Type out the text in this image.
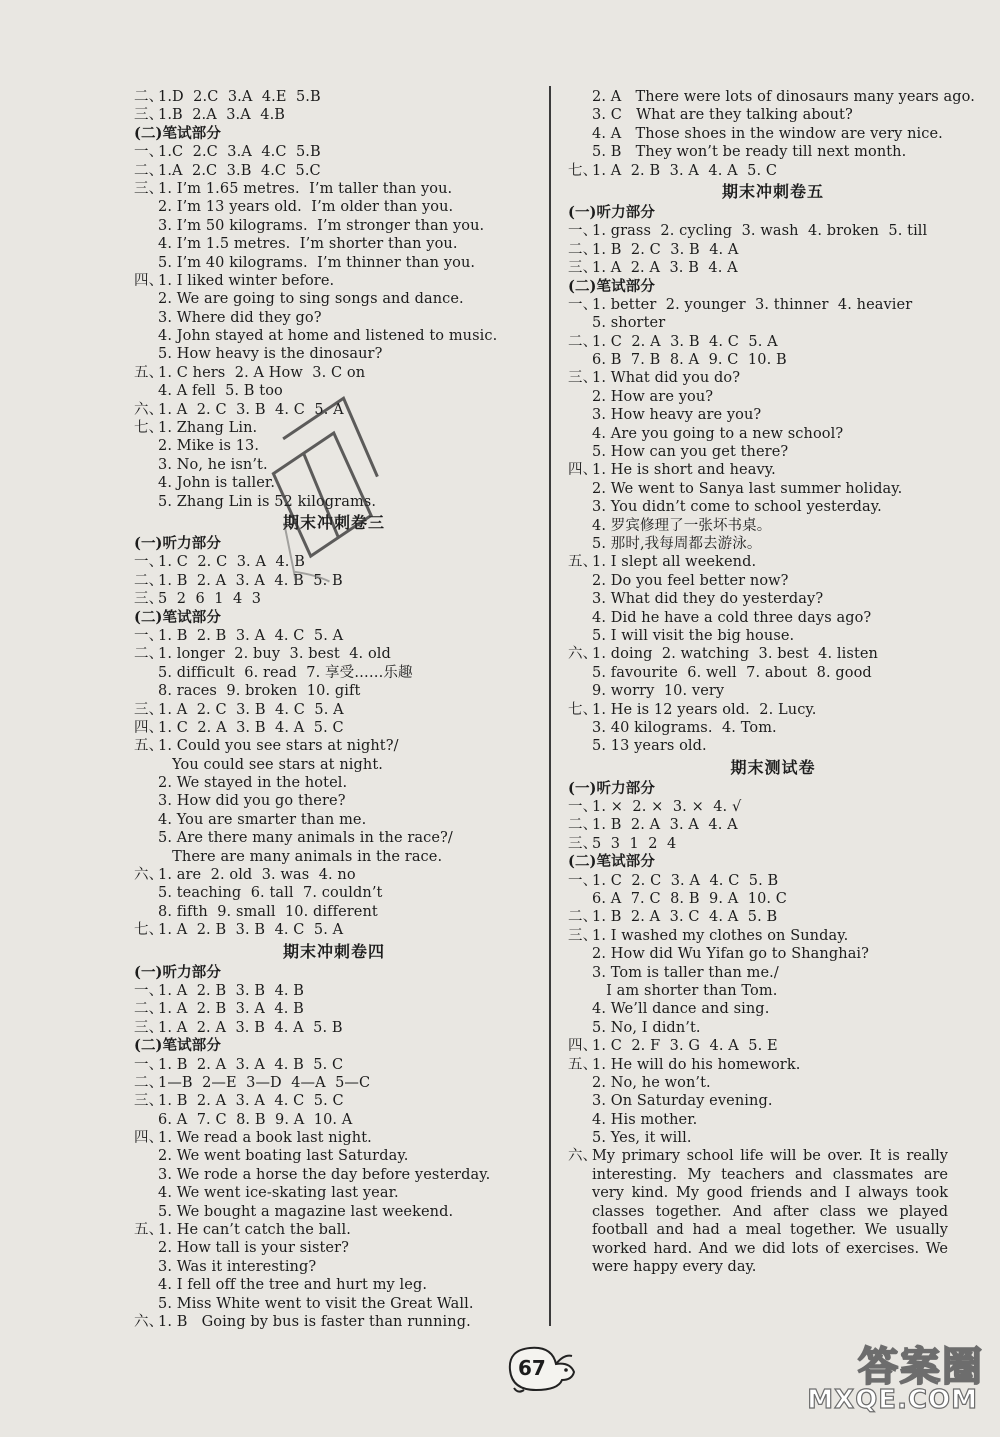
二、
1.D  2.C  3.A  4.E  5.B
三、
1.B  2.A  3.A  4.B
(二)笔试部分
一、
1.C  2.C  3.A  4.C  5.B
二、
1.A  2.C  3.B  4.C  5.C
三、
1. I’m 1.65 metres.  I’m taller than you.
2. I’m 13 years old.  I’m older than you.
3. I’m 50 kilograms.  I’m stronger than you.
4. I’m 1.5 metres.  I’m shorter than you.
5. I’m 40 kilograms.  I’m thinner than you.
四、
1. I liked winter before.
2. We are going to sing songs and dance.
3. Where did they go?
4. John stayed at home and listened to music.
5. How heavy is the dinosaur?
五、
1. C hers  2. A How  3. C on
4. A fell  5. B too
六、
1. A  2. C  3. B  4. C  5. A
七、
1. Zhang Lin.
2. Mike is 13.
3. No, he isn’t.
4. John is taller.
5. Zhang Lin is 52 kilograms.
期末冲刺卷三
(一)听力部分
一、
1. C  2. C  3. A  4. B
二、
1. B  2. A  3. A  4. B  5. B
三、
5  2  6  1  4  3
(二)笔试部分
一、
1. B  2. B  3. A  4. C  5. A
二、
1. longer  2. buy  3. best  4. old
5. difficult  6. read  7. 享受……乐趣
8. races  9. broken  10. gift
三、
1. A  2. C  3. B  4. C  5. A
四、
1. C  2. A  3. B  4. A  5. C
五、
1. Could you see stars at night?/
You could see stars at night.
2. We stayed in the hotel.
3. How did you go there?
4. You are smarter than me.
5. Are there many animals in the race?/
There are many animals in the race.
六、
1. are  2. old  3. was  4. no
5. teaching  6. tall  7. couldn’t
8. fifth  9. small  10. different
七、
1. A  2. B  3. B  4. C  5. A
期末冲刺卷四
(一)听力部分
一、
1. A  2. B  3. B  4. B
二、
1. A  2. B  3. A  4. B
三、
1. A  2. A  3. B  4. A  5. B
(二)笔试部分
一、
1. B  2. A  3. A  4. B  5. C
二、
1—B  2—E  3—D  4—A  5—C
三、
1. B  2. A  3. A  4. C  5. C
6. A  7. C  8. B  9. A  10. A
四、
1. We read a book last night.
2. We went boating last Saturday.
3. We rode a horse the day before yesterday.
4. We went ice-skating last year.
5. We bought a magazine last weekend.
五、
1. He can’t catch the ball.
2. How tall is your sister?
3. Was it interesting?
4. I fell off the tree and hurt my leg.
5. Miss White went to visit the Great Wall.
六、
1. B   Going by bus is faster than running.
2. A   There were lots of dinosaurs many years ago.
3. C   What are they talking about?
4. A   Those shoes in the window are very nice.
5. B   They won’t be ready till next month.
七、
1. A  2. B  3. A  4. A  5. C
期末冲刺卷五
(一)听力部分
一、
1. grass  2. cycling  3. wash  4. broken  5. till
二、
1. B  2. C  3. B  4. A
三、
1. A  2. A  3. B  4. A
(二)笔试部分
一、
1. better  2. younger  3. thinner  4. heavier
5. shorter
二、
1. C  2. A  3. B  4. C  5. A
6. B  7. B  8. A  9. C  10. B
三、
1. What did you do?
2. How are you?
3. How heavy are you?
4. Are you going to a new school?
5. How can you get there?
四、
1. He is short and heavy.
2. We went to Sanya last summer holiday.
3. You didn’t come to school yesterday.
4. 罗宾修理了一张坏书桌。
5. 那时,我每周都去游泳。
五、
1. I slept all weekend.
2. Do you feel better now?
3. What did they do yesterday?
4. Did he have a cold three days ago?
5. I will visit the big house.
六、
1. doing  2. watching  3. best  4. listen
5. favourite  6. well  7. about  8. good
9. worry  10. very
七、
1. He is 12 years old.  2. Lucy.
3. 40 kilograms.  4. Tom.
5. 13 years old.
期末测试卷
(一)听力部分
一、
1. ×  2. ×  3. ×  4. √
二、
1. B  2. A  3. A  4. A
三、
5  3  1  2  4
(二)笔试部分
一、
1. C  2. C  3. A  4. C  5. B
6. A  7. C  8. B  9. A  10. C
二、
1. B  2. A  3. C  4. A  5. B
三、
1. I washed my clothes on Sunday.
2. How did Wu Yifan go to Shanghai?
3. Tom is taller than me./
I am shorter than Tom.
4. We’ll dance and sing.
5. No, I didn’t.
四、
1. C  2. F  3. G  4. A  5. E
五、
1. He will do his homework.
2. No, he won’t.
3. On Saturday evening.
4. His mother.
5. Yes, it will.
六、
My primary school life will be over. It is really interesting. My teachers and classmates are very kind. My good friends and I always took classes together. And after class we played football and had a meal together. We usually worked hard. And we did lots of exercises. We were happy every day.
67	答案圈
MXQE.COM
